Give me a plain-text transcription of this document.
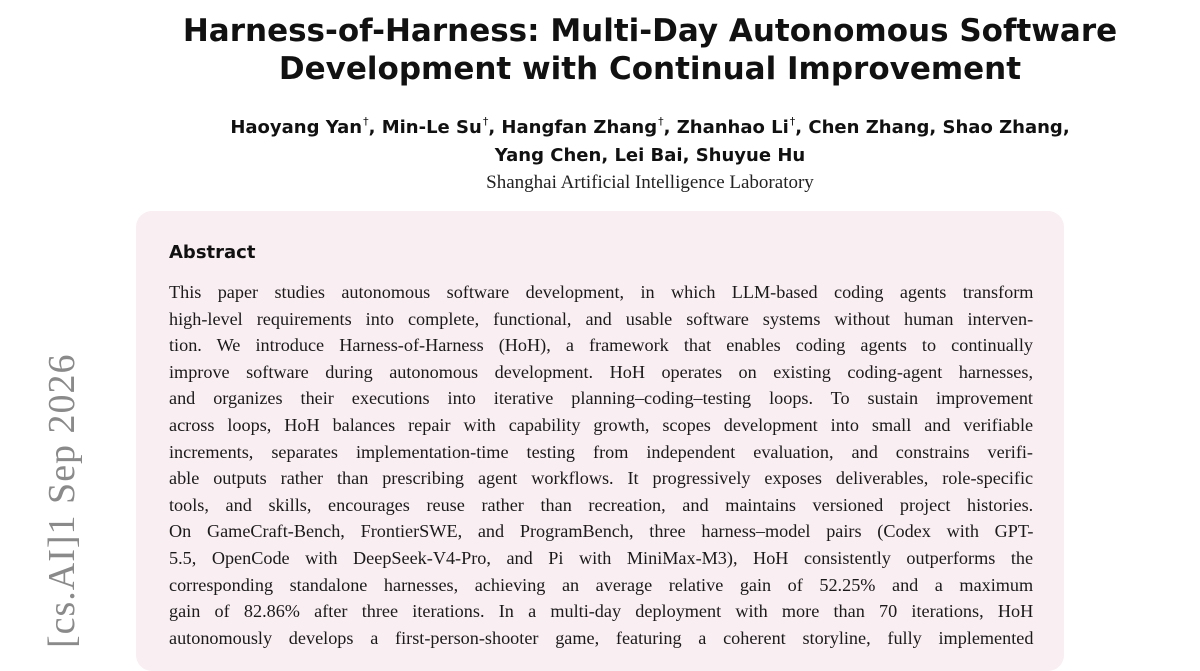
[cs.AI]1 Sep 2026
Harness-of-Harness: Multi-Day Autonomous Software
Development with Continual Improvement
Haoyang Yan†, Min-Le Su†, Hangfan Zhang†, Zhanhao Li†, Chen Zhang, Shao Zhang,
Yang Chen, Lei Bai, Shuyue Hu
Shanghai Artificial Intelligence Laboratory
Abstract
This paper studies autonomous software development, in which LLM-based coding agents transform
high-level requirements into complete, functional, and usable software systems without human interven-
tion. We introduce Harness-of-Harness (HoH), a framework that enables coding agents to continually
improve software during autonomous development. HoH operates on existing coding-agent harnesses,
and organizes their executions into iterative planning–coding–testing loops. To sustain improvement
across loops, HoH balances repair with capability growth, scopes development into small and verifiable
increments, separates implementation-time testing from independent evaluation, and constrains verifi-
able outputs rather than prescribing agent workflows. It progressively exposes deliverables, role-specific
tools, and skills, encourages reuse rather than recreation, and maintains versioned project histories.
On GameCraft-Bench, FrontierSWE, and ProgramBench, three harness–model pairs (Codex with GPT-
5.5, OpenCode with DeepSeek-V4-Pro, and Pi with MiniMax-M3), HoH consistently outperforms the
corresponding standalone harnesses, achieving an average relative gain of 52.25% and a maximum
gain of 82.86% after three iterations. In a multi-day deployment with more than 70 iterations, HoH
autonomously develops a first-person-shooter game, featuring a coherent storyline, fully implemented
